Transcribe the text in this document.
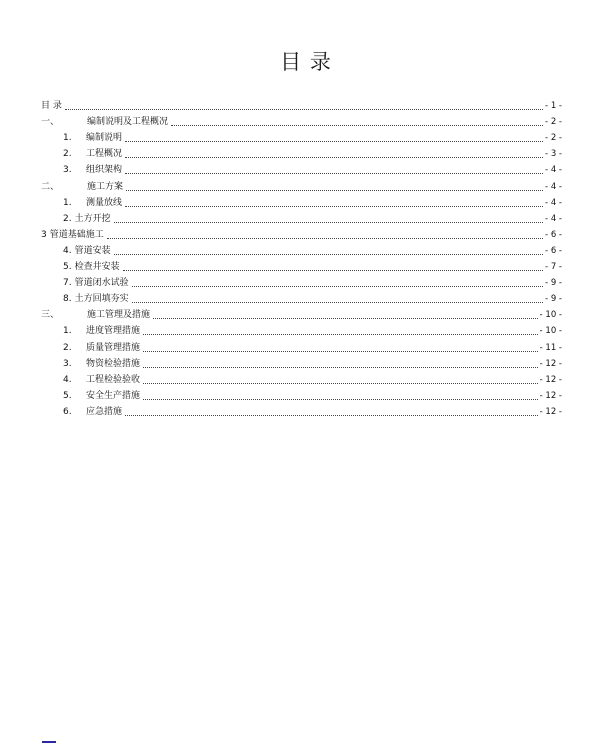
目 录
目 录	- 1 -
一、	编制说明及工程概况	- 2 -
1.	编制说明	- 2 -
2.	工程概况	- 3 -
3.	组织架构	- 4 -
二、	施工方案	- 4 -
1.	测量放线	- 4 -
2. 土方开挖	- 4 -
3 管道基础施工	- 6 -
4. 管道安装	- 6 -
5. 检查井安装	- 7 -
7. 管道闭水试验	- 9 -
8. 土方回填夯实	- 9 -
三、	施工管理及措施	- 10 -
1.	进度管理措施	- 10 -
2.	质量管理措施	- 11 -
3.	物资检验措施	- 12 -
4.	工程检验验收	- 12 -
5.	安全生产措施	- 12 -
6.	应急措施	- 12 -
